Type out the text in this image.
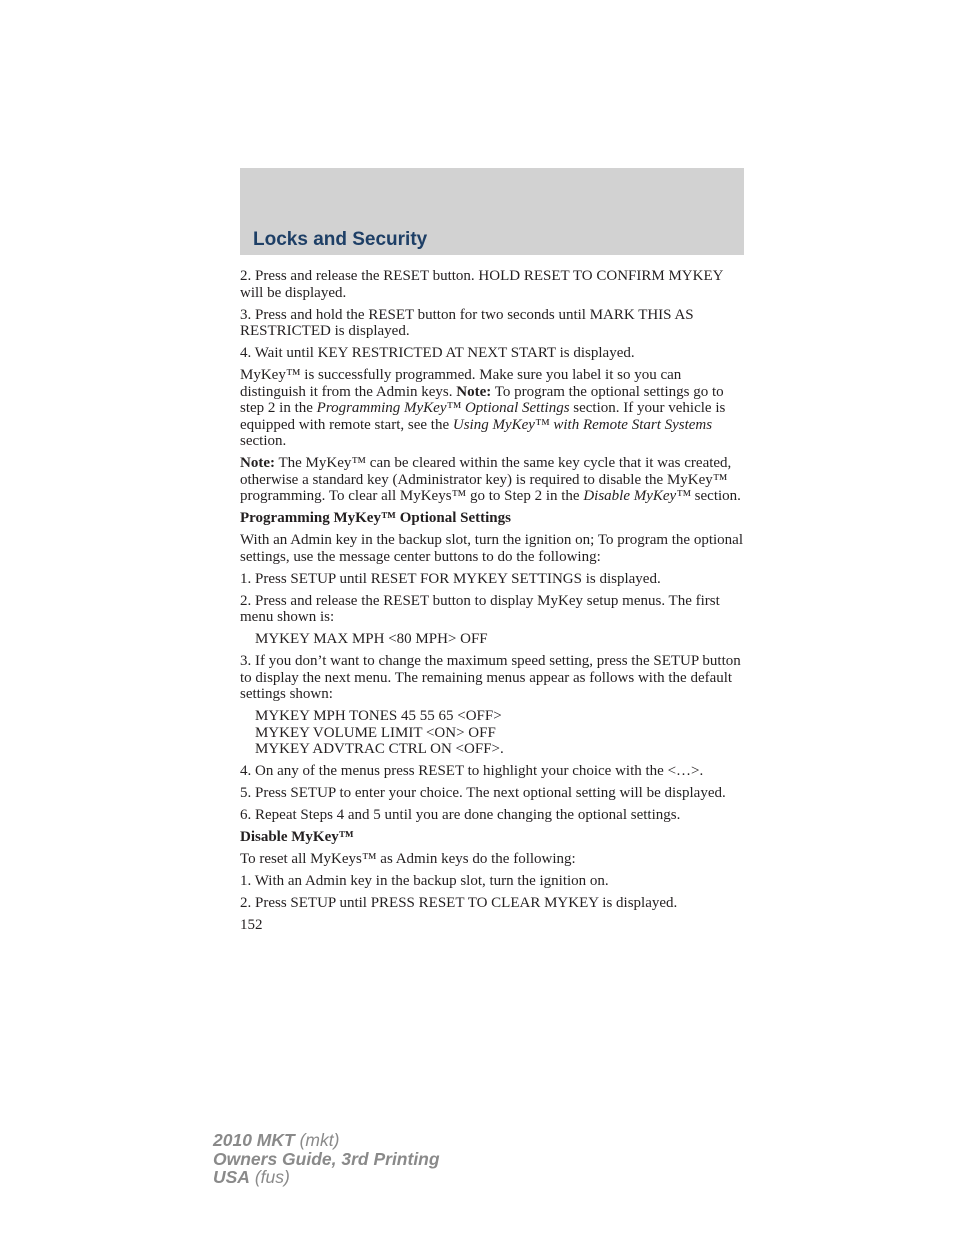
Locks and Security

2. Press and release the RESET button. HOLD RESET TO CONFIRM MYKEY will be displayed.

3. Press and hold the RESET button for two seconds until MARK THIS AS RESTRICTED is displayed.

4. Wait until KEY RESTRICTED AT NEXT START is displayed.

MyKey™ is successfully programmed. Make sure you label it so you can distinguish it from the Admin keys. Note: To program the optional settings go to step 2 in the Programming MyKey™ Optional Settings section. If your vehicle is equipped with remote start, see the Using MyKey™ with Remote Start Systems section.

Note: The MyKey™ can be cleared within the same key cycle that it was created, otherwise a standard key (Administrator key) is required to disable the MyKey™ programming. To clear all MyKeys™ go to Step 2 in the Disable MyKey™ section.

Programming MyKey™ Optional Settings

With an Admin key in the backup slot, turn the ignition on; To program the optional settings, use the message center buttons to do the following:

1. Press SETUP until RESET FOR MYKEY SETTINGS is displayed.

2. Press and release the RESET button to display MyKey setup menus. The first menu shown is:

MYKEY MAX MPH <80 MPH> OFF

3. If you don’t want to change the maximum speed setting, press the SETUP button to display the next menu. The remaining menus appear as follows with the default settings shown:

MYKEY MPH TONES 45 55 65 <OFF>

MYKEY VOLUME LIMIT <ON> OFF

MYKEY ADVTRAC CTRL ON <OFF>.

4. On any of the menus press RESET to highlight your choice with the <…>.

5. Press SETUP to enter your choice. The next optional setting will be displayed.

6. Repeat Steps 4 and 5 until you are done changing the optional settings.

Disable MyKey™

To reset all MyKeys™ as Admin keys do the following:

1. With an Admin key in the backup slot, turn the ignition on.

2. Press SETUP until PRESS RESET TO CLEAR MYKEY is displayed.

152

2010 MKT (mkt)
Owners Guide, 3rd Printing
USA (fus)
